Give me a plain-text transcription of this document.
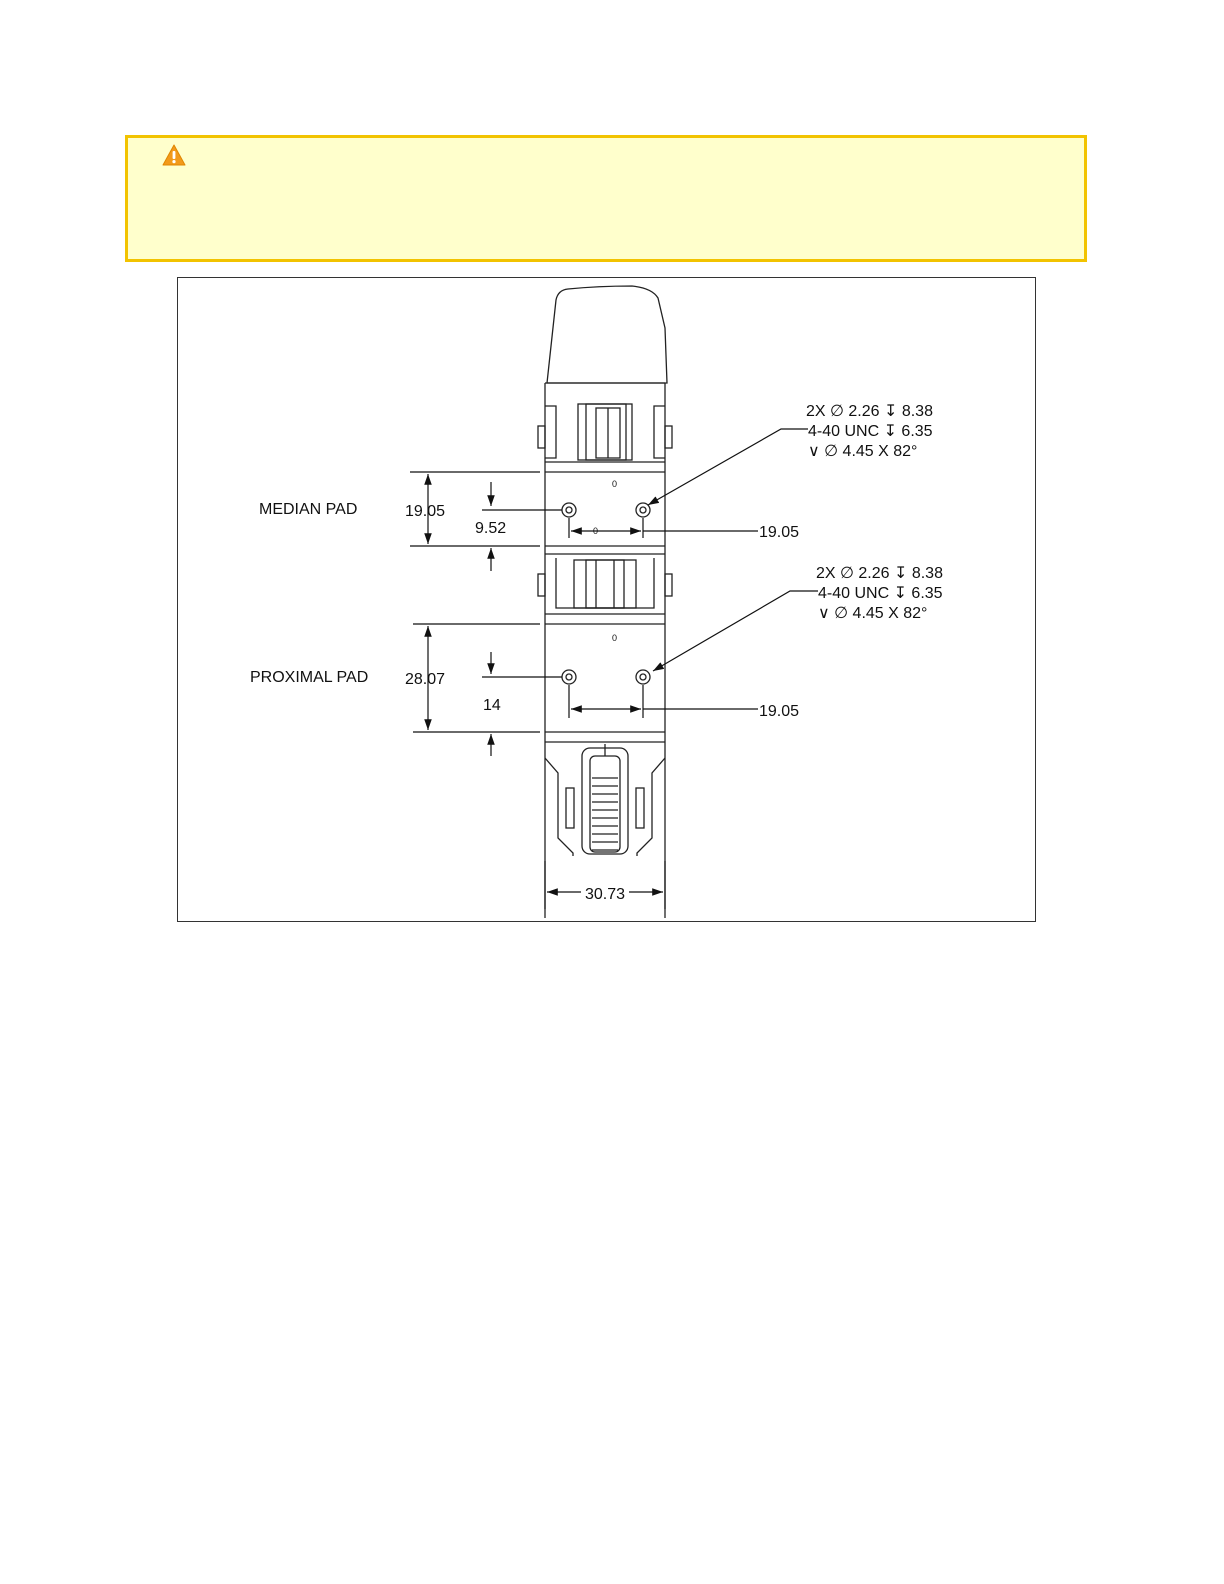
MEDIAN PAD	19.05
9.52	19.05
2X ∅ 2.26 ↧ 8.38
4-40 UNC ↧ 6.35
∨ ∅ 4.45 X 82°
PROXIMAL PAD 28.07
14	19.05
2X ∅ 2.26 ↧ 8.38
4-40 UNC ↧ 6.35
∨ ∅ 4.45 X 82°
30.73
0
0
0
